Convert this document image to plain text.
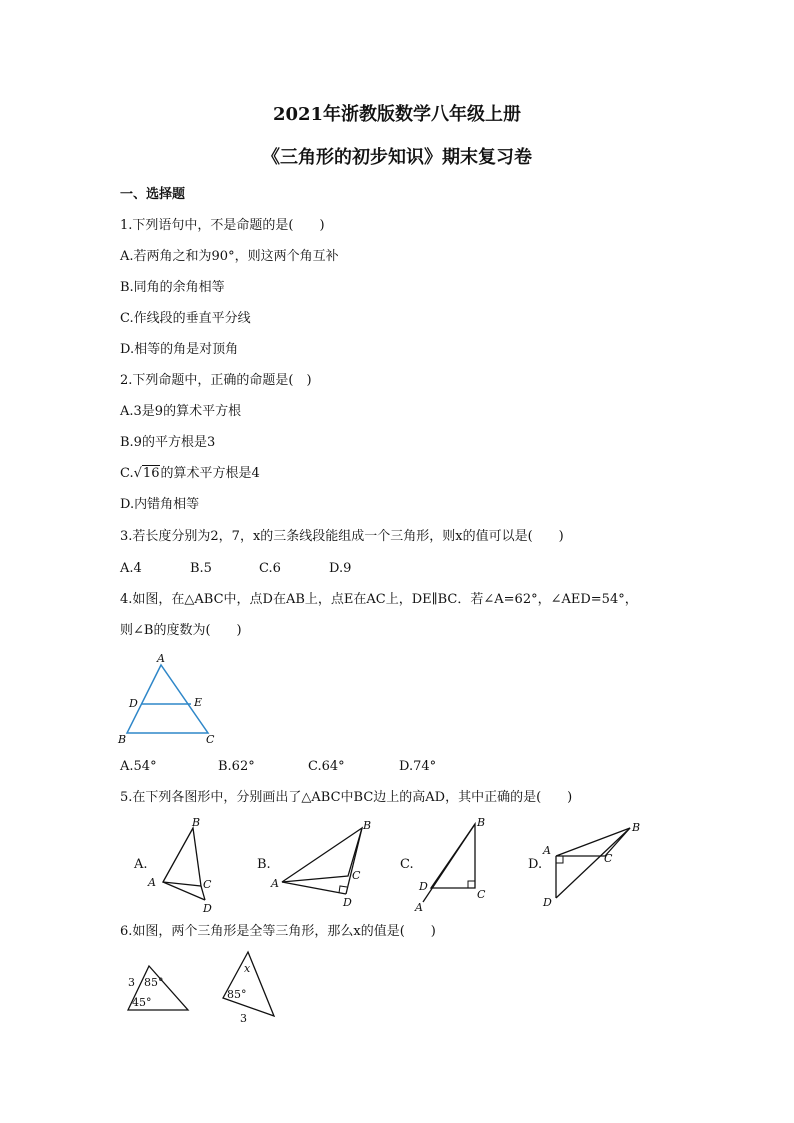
2021年浙教版数学八年级上册
《三角形的初步知识》期末复习卷
一、选择题
1.下列语句中，不是命题的是(　　)
A.若两角之和为90°，则这两个角互补
B.同角的余角相等
C.作线段的垂直平分线
D.相等的角是对顶角
2.下列命题中，正确的命题是(　)
A.3是9的算术平方根
B.9的平方根是3
C.√16的算术平方根是4
D.内错角相等
3.若长度分别为2，7，x的三条线段能组成一个三角形，则x的值可以是(　　)
A.4	B.5	C.6	D.9
4.如图，在△ABC中，点D在AB上，点E在AC上，DE∥BC．若∠A=62°，∠AED=54°，
则∠B的度数为(　　)
A
D	E
B	C
A.54°	B.62°	C.64°	D.74°
5.在下列各图形中，分别画出了△ABC中BC边上的高AD，其中正确的是(　　)
A.
B
A	C
D
B.
B
A
C
D
C.
B
D
C
A
D.
A
B
C
D
6.如图，两个三角形是全等三角形，那么x的值是(　　)
3 85°
45°
x
85°
3
